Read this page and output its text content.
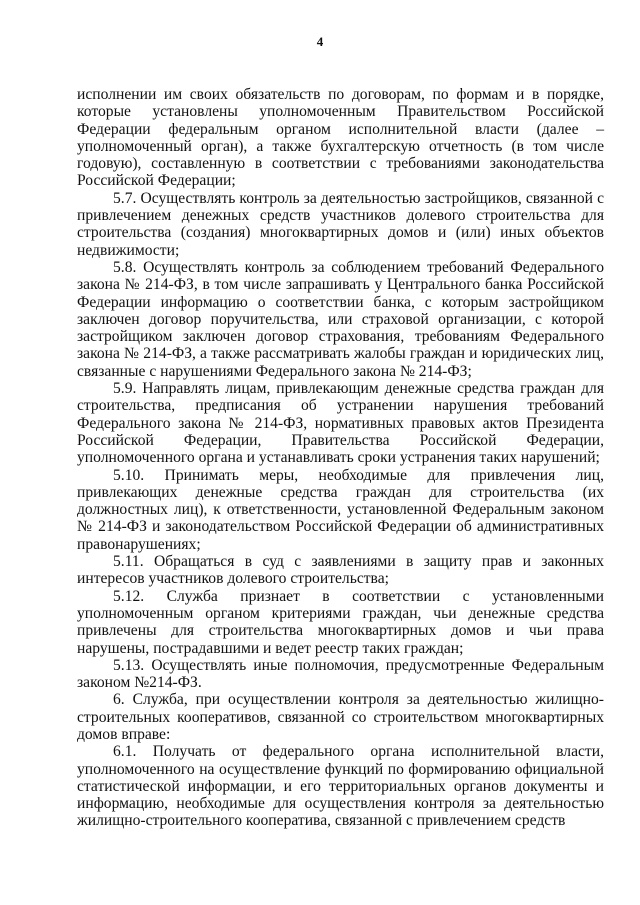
4

исполнении им своих обязательств по договорам, по формам и в порядке, которые установлены уполномоченным Правительством Российской Федерации федеральным органом исполнительной власти (далее – уполномоченный орган), а также бухгалтерскую отчетность (в том числе годовую), составленную в соответствии с требованиями законодательства Российской Федерации;

5.7. Осуществлять контроль за деятельностью застройщиков, связанной с привлечением денежных средств участников долевого строительства для строительства (создания) многоквартирных домов и (или) иных объектов недвижимости;

5.8. Осуществлять контроль за соблюдением требований Федерального закона № 214-ФЗ, в том числе запрашивать у Центрального банка Российской Федерации информацию о соответствии банка, с которым застройщиком заключен договор поручительства, или страховой организации, с которой застройщиком заключен договор страхования, требованиям Федерального закона № 214-ФЗ, а также рассматривать жалобы граждан и юридических лиц, связанные с нарушениями Федерального закона № 214-ФЗ;

5.9. Направлять лицам, привлекающим денежные средства граждан для строительства, предписания об устранении нарушения требований Федерального закона № 214-ФЗ, нормативных правовых актов Президента Российской Федерации, Правительства Российской Федерации, уполномоченного органа и устанавливать сроки устранения таких нарушений;

5.10. Принимать меры, необходимые для привлечения лиц, привлекающих денежные средства граждан для строительства (их должностных лиц), к ответственности, установленной Федеральным законом № 214-ФЗ и законодательством Российской Федерации об административных правонарушениях;

5.11. Обращаться в суд с заявлениями в защиту прав и законных интересов участников долевого строительства;

5.12. Служба признает в соответствии с установленными уполномоченным органом критериями граждан, чьи денежные средства привлечены для строительства многоквартирных домов и чьи права нарушены, пострадавшими и ведет реестр таких граждан;

5.13. Осуществлять иные полномочия, предусмотренные Федеральным законом №214-ФЗ.

6. Служба, при осуществлении контроля за деятельностью жилищно-строительных кооперативов, связанной со строительством многоквартирных домов вправе:

6.1. Получать от федерального органа исполнительной власти, уполномоченного на осуществление функций по формированию официальной статистической информации, и его территориальных органов документы и информацию, необходимые для осуществления контроля за деятельностью жилищно-строительного кооператива, связанной с привлечением средств
